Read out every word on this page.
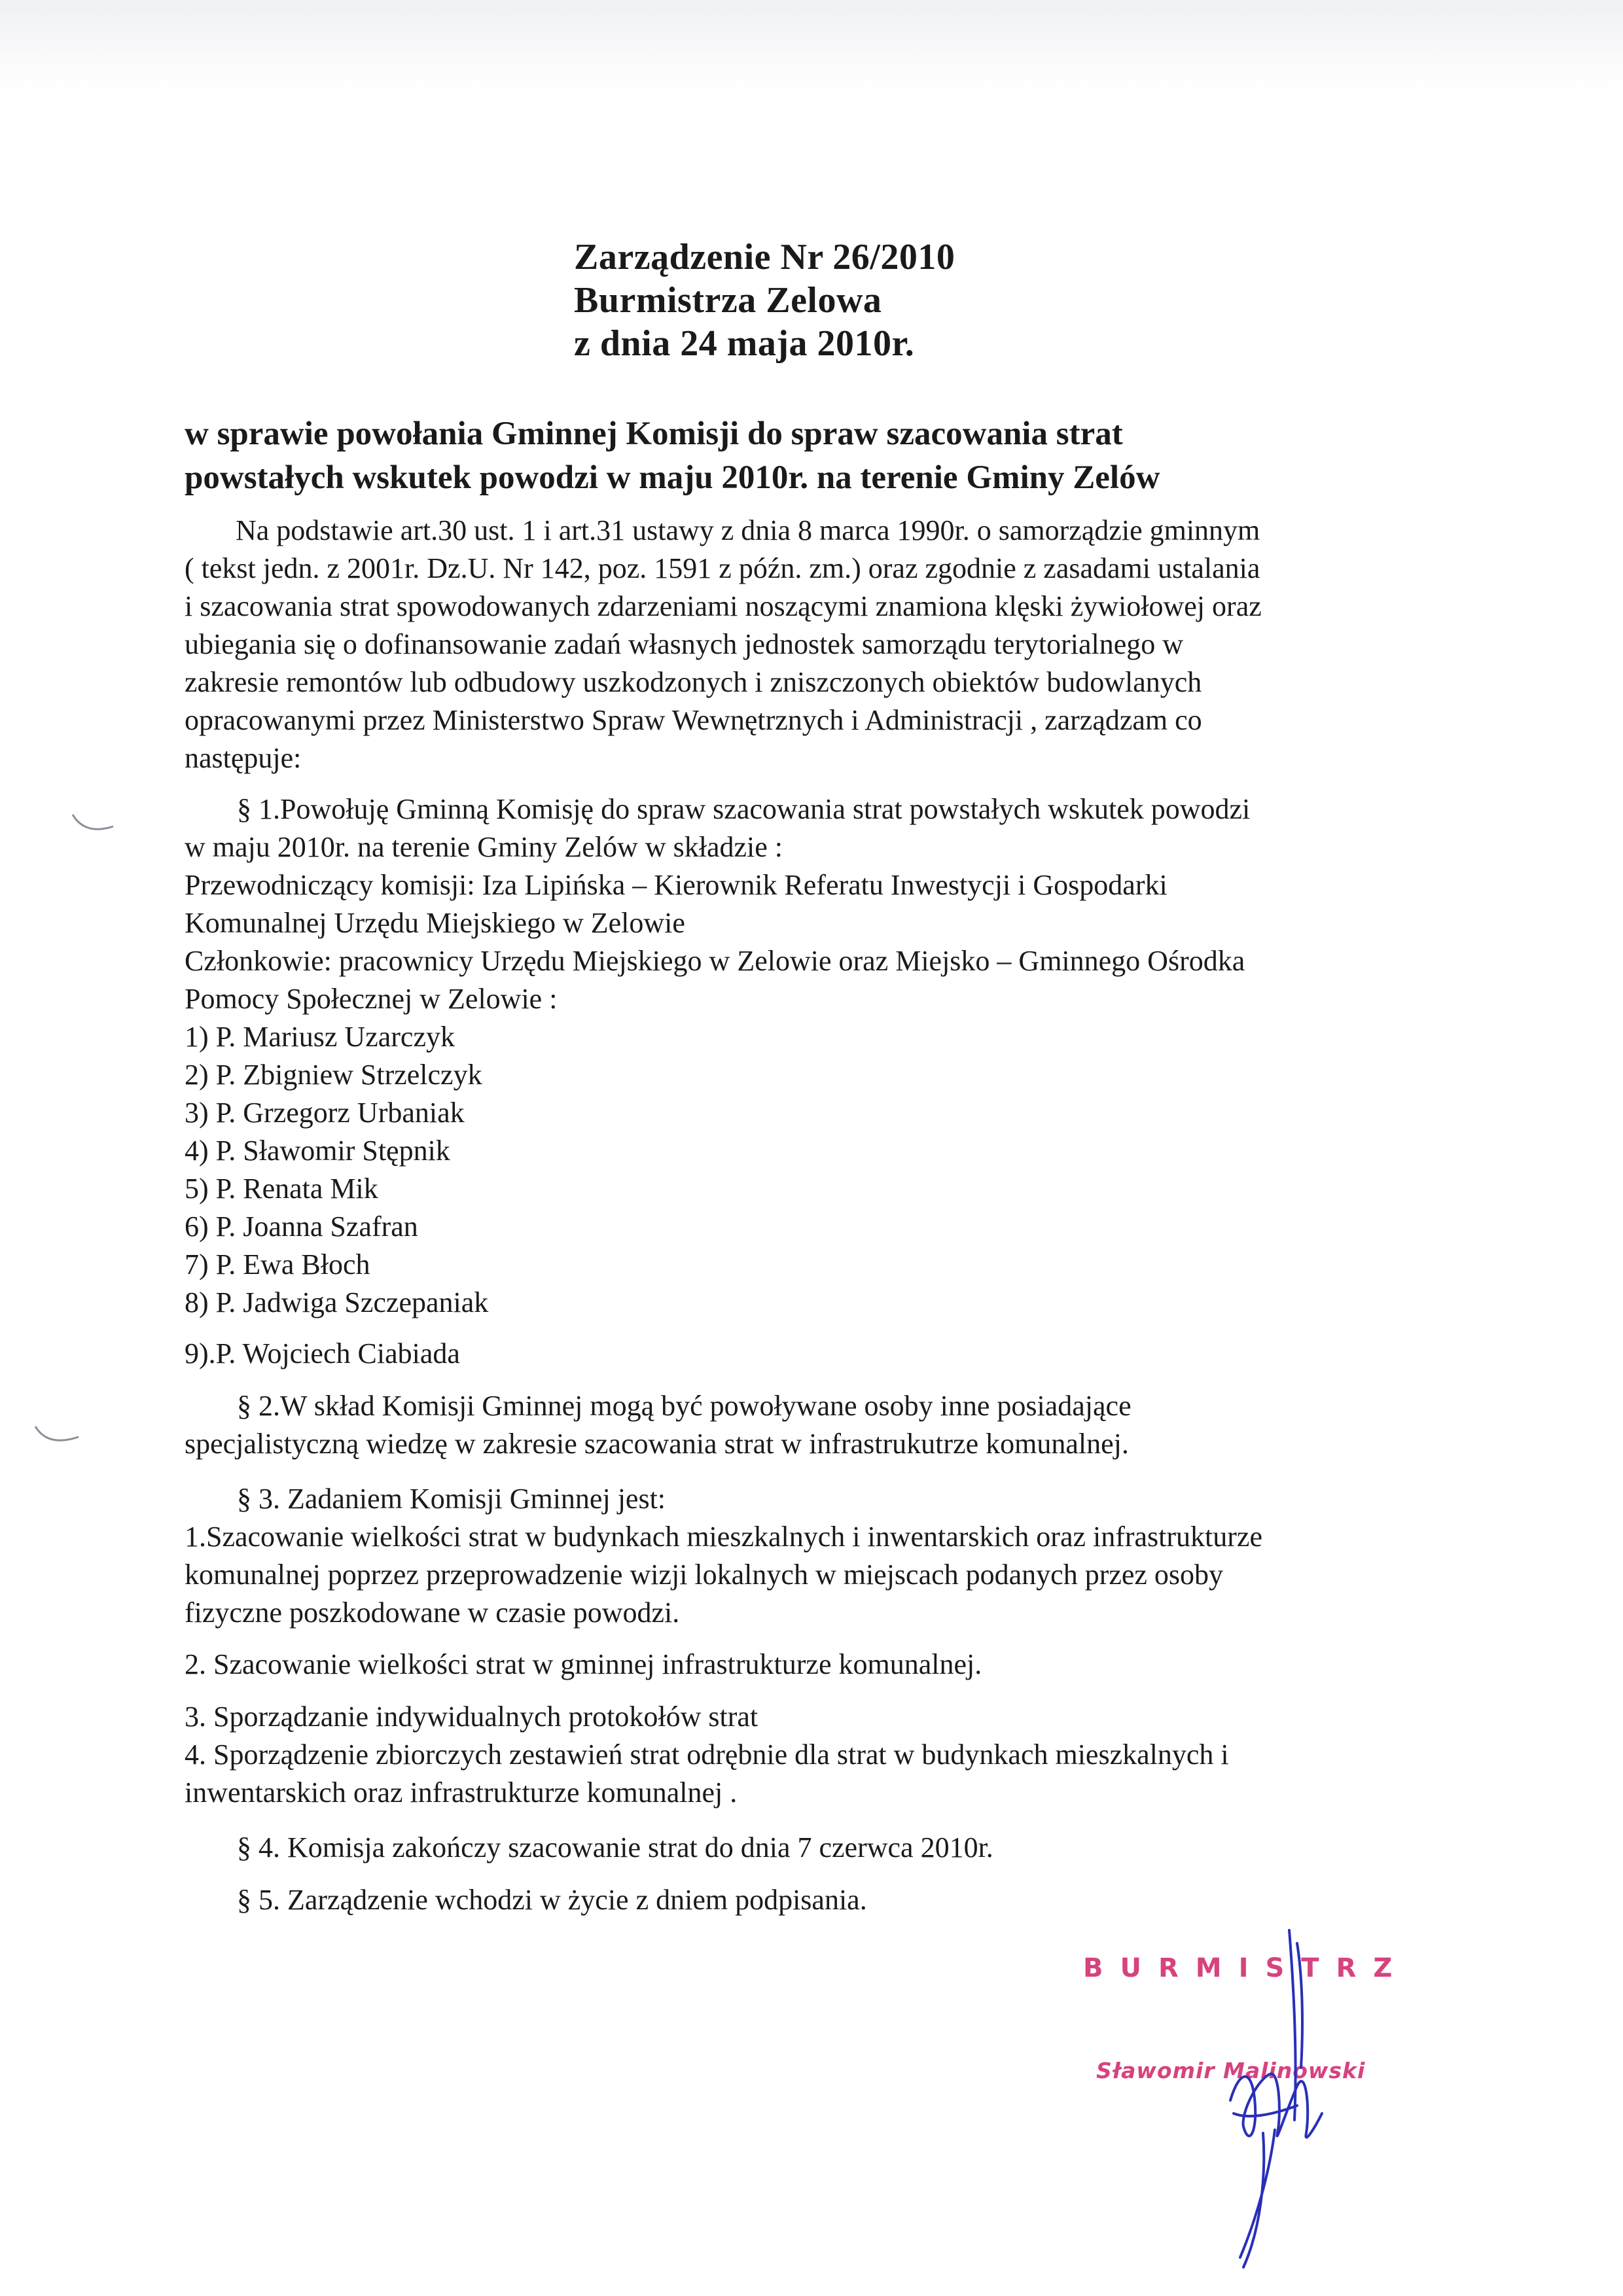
Zarządzenie Nr 26/2010
Burmistrza Zelowa
z dnia 24 maja 2010r.
w sprawie powołania Gminnej Komisji do spraw szacowania strat
powstałych wskutek powodzi w maju 2010r. na terenie Gminy Zelów
Na podstawie art.30 ust. 1 i art.31 ustawy z dnia 8 marca 1990r. o samorządzie gminnym
( tekst jedn. z 2001r. Dz.U. Nr 142, poz. 1591 z późn. zm.) oraz zgodnie z zasadami ustalania
i szacowania strat spowodowanych zdarzeniami noszącymi znamiona klęski żywiołowej oraz
ubiegania się o dofinansowanie zadań własnych jednostek samorządu terytorialnego w
zakresie remontów lub odbudowy uszkodzonych i zniszczonych obiektów budowlanych
opracowanymi przez Ministerstwo Spraw Wewnętrznych i Administracji , zarządzam co
następuje:
§ 1.Powołuję Gminną Komisję do spraw szacowania strat powstałych wskutek powodzi
w maju 2010r. na terenie Gminy Zelów w składzie :
Przewodniczący komisji: Iza Lipińska – Kierownik Referatu Inwestycji i Gospodarki
Komunalnej Urzędu Miejskiego w Zelowie
Członkowie: pracownicy Urzędu Miejskiego w Zelowie oraz Miejsko – Gminnego Ośrodka
Pomocy Społecznej w Zelowie :
1) P. Mariusz Uzarczyk
2) P. Zbigniew Strzelczyk
3) P. Grzegorz Urbaniak
4) P. Sławomir Stępnik
5) P. Renata Mik
6) P. Joanna Szafran
7) P. Ewa Błoch
8) P. Jadwiga Szczepaniak
9).P. Wojciech Ciabiada
§ 2.W skład Komisji Gminnej mogą być powoływane osoby inne posiadające
specjalistyczną wiedzę w zakresie szacowania strat w infrastrukutrze komunalnej.
§ 3. Zadaniem Komisji Gminnej jest:
1.Szacowanie wielkości strat w budynkach mieszkalnych i inwentarskich oraz infrastrukturze
komunalnej poprzez przeprowadzenie wizji lokalnych w miejscach podanych przez osoby
fizyczne poszkodowane w czasie powodzi.
2. Szacowanie wielkości strat w gminnej infrastrukturze komunalnej.
3. Sporządzanie indywidualnych protokołów strat
4. Sporządzenie zbiorczych zestawień strat odrębnie dla strat w budynkach mieszkalnych i
inwentarskich oraz infrastrukturze komunalnej .
§ 4. Komisja zakończy szacowanie strat do dnia 7 czerwca 2010r.
§ 5. Zarządzenie wchodzi w życie z dniem podpisania.
BURMISTRZ
Sławomir Malinowski
